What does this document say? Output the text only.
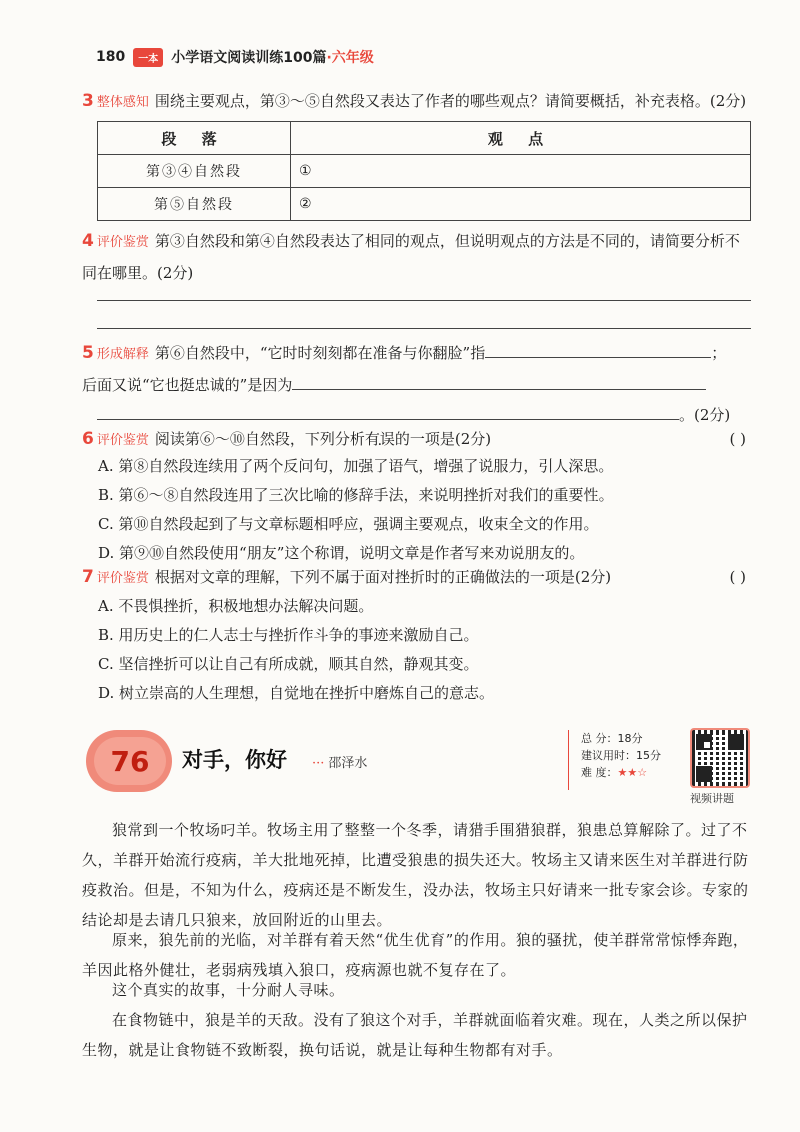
180	一本 小学语文阅读训练100篇·六年级
3 整体感知 围绕主要观点，第③～⑤自然段又表达了作者的哪些观点？请简要概括，补充表格。(2分)
段 落	观 点
第③④自然段	①
第⑤自然段	②
4 评价鉴赏 第③自然段和第④自然段表达了相同的观点，但说明观点的方法是不同的，请简要分析不同在哪里。(2分)
5 形成解释 第⑥自然段中，“它时时刻刻都在准备与你翻脸”指	；
后面又说“它也挺忠诚的”是因为
。(2分)
6 评价鉴赏 阅读第⑥～⑩自然段，下列分析有误的一项是(2分)	( )
A. 第⑧自然段连续用了两个反问句，加强了语气，增强了说服力，引人深思。
B. 第⑥～⑧自然段连用了三次比喻的修辞手法，来说明挫折对我们的重要性。
C. 第⑩自然段起到了与文章标题相呼应，强调主要观点，收束全文的作用。
D. 第⑨⑩自然段使用“朋友”这个称谓，说明文章是作者写来劝说朋友的。
7 评价鉴赏 根据对文章的理解，下列不属于面对挫折时的正确做法的一项是(2分)	( )
A. 不畏惧挫折，积极地想办法解决问题。
B. 用历史上的仁人志士与挫折作斗争的事迹来激励自己。
C. 坚信挫折可以让自己有所成就，顺其自然，静观其变。
D. 树立崇高的人生理想，自觉地在挫折中磨炼自己的意志。
76	对手，你好 ··· 邵泽水
总 分：18分
建议用时：15分
难 度：★★☆
视频讲题
狼常到一个牧场叼羊。牧场主用了整整一个冬季，请猎手围猎狼群，狼患总算解除了。过了不久，羊群开始流行疫病，羊大批地死掉，比遭受狼患的损失还大。牧场主又请来医生对羊群进行防疫救治。但是，不知为什么，疫病还是不断发生，没办法，牧场主只好请来一批专家会诊。专家的结论却是去请几只狼来，放回附近的山里去。
原来，狼先前的光临，对羊群有着天然“优生优育”的作用。狼的骚扰，使羊群常常惊悸奔跑，羊因此格外健壮，老弱病残填入狼口，疫病源也就不复存在了。
这个真实的故事，十分耐人寻味。
在食物链中，狼是羊的天敌。没有了狼这个对手，羊群就面临着灾难。现在，人类之所以保护生物，就是让食物链不致断裂，换句话说，就是让每种生物都有对手。
